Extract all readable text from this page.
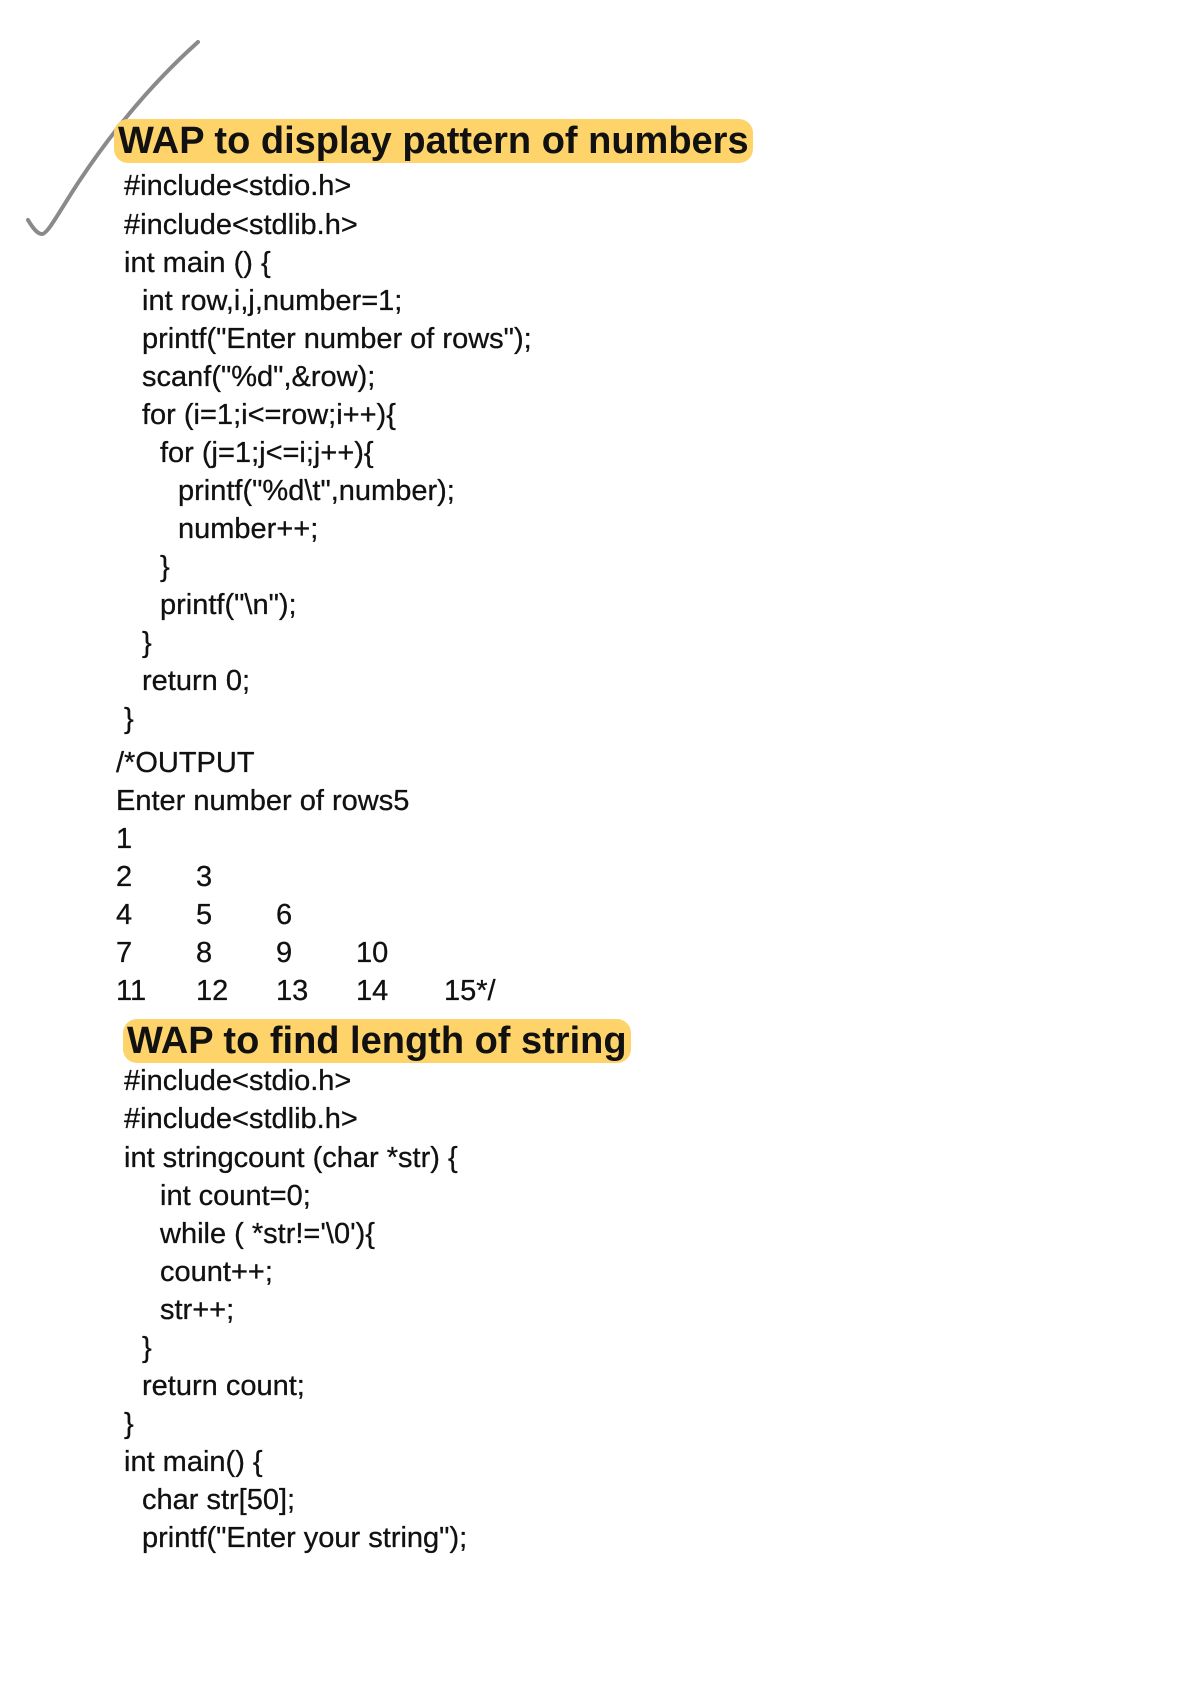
WAP to display pattern of numbers
#include<stdio.h>
#include<stdlib.h>
int main () {
int row,i,j,number=1;
printf("Enter number of rows");
scanf("%d",&row);
for (i=1;i<=row;i++){
for (j=1;j<=i;j++){
printf("%d\t",number);
number++;
}
printf("\n");
}
return 0;
}
/*OUTPUT
Enter number of rows5
1
2 3
4 5 6
7 8 9 10
11 12 13 14 15*/
WAP to find length of string
#include<stdio.h>
#include<stdlib.h>
int stringcount (char *str) {
int count=0;
while ( *str!='\0'){
count++;
str++;
}
return count;
}
int main() {
char str[50];
printf("Enter your string");
